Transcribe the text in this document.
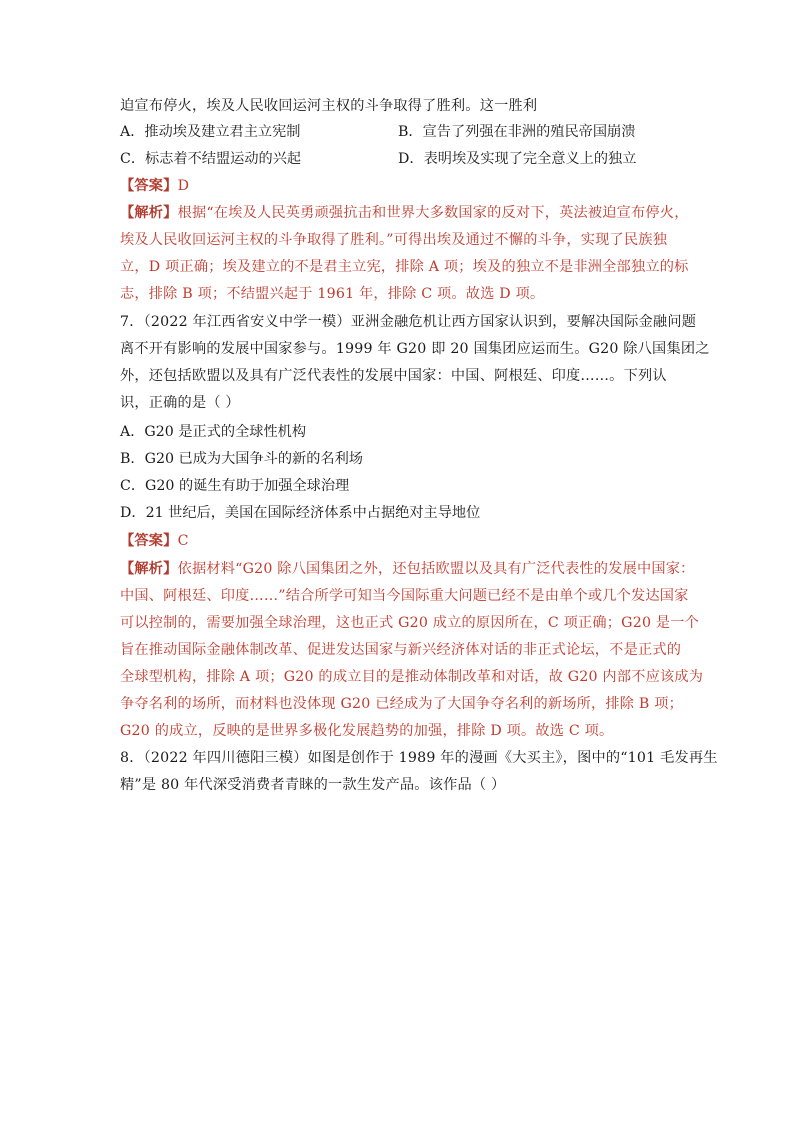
迫宣布停火，埃及人民收回运河主权的斗争取得了胜利。这一胜利
A．推动埃及建立君主立宪制	B．宣告了列强在非洲的殖民帝国崩溃
C．标志着不结盟运动的兴起	D．表明埃及实现了完全意义上的独立
【答案】D
【解析】根据“在埃及人民英勇顽强抗击和世界大多数国家的反对下，英法被迫宣布停火，
埃及人民收回运河主权的斗争取得了胜利。”可得出埃及通过不懈的斗争，实现了民族独
立，D 项正确；埃及建立的不是君主立宪，排除 A 项；埃及的独立不是非洲全部独立的标
志，排除 B 项；不结盟兴起于 1961 年，排除 C 项。故选 D 项。
7．（2022 年江西省安义中学一模）亚洲金融危机让西方国家认识到，要解决国际金融问题
离不开有影响的发展中国家参与。1999 年 G20 即 20 国集团应运而生。G20 除八国集团之
外，还包括欧盟以及具有广泛代表性的发展中国家：中国、阿根廷、印度……。下列认
识，正确的是（ ）
A．G20 是正式的全球性机构
B．G20 已成为大国争斗的新的名利场
C．G20 的诞生有助于加强全球治理
D．21 世纪后，美国在国际经济体系中占据绝对主导地位
【答案】C
【解析】依据材料“G20 除八国集团之外，还包括欧盟以及具有广泛代表性的发展中国家：
中国、阿根廷、印度……”结合所学可知当今国际重大问题已经不是由单个或几个发达国家
可以控制的，需要加强全球治理，这也正式 G20 成立的原因所在，C 项正确；G20 是一个
旨在推动国际金融体制改革、促进发达国家与新兴经济体对话的非正式论坛，不是正式的
全球型机构，排除 A 项；G20 的成立目的是推动体制改革和对话，故 G20 内部不应该成为
争夺名利的场所，而材料也没体现 G20 已经成为了大国争夺名利的新场所，排除 B 项；
G20 的成立，反映的是世界多极化发展趋势的加强，排除 D 项。故选 C 项。
8．（2022 年四川德阳三模）如图是创作于 1989 年的漫画《大买主》，图中的“101 毛发再生
精”是 80 年代深受消费者青睐的一款生发产品。该作品（ ）
